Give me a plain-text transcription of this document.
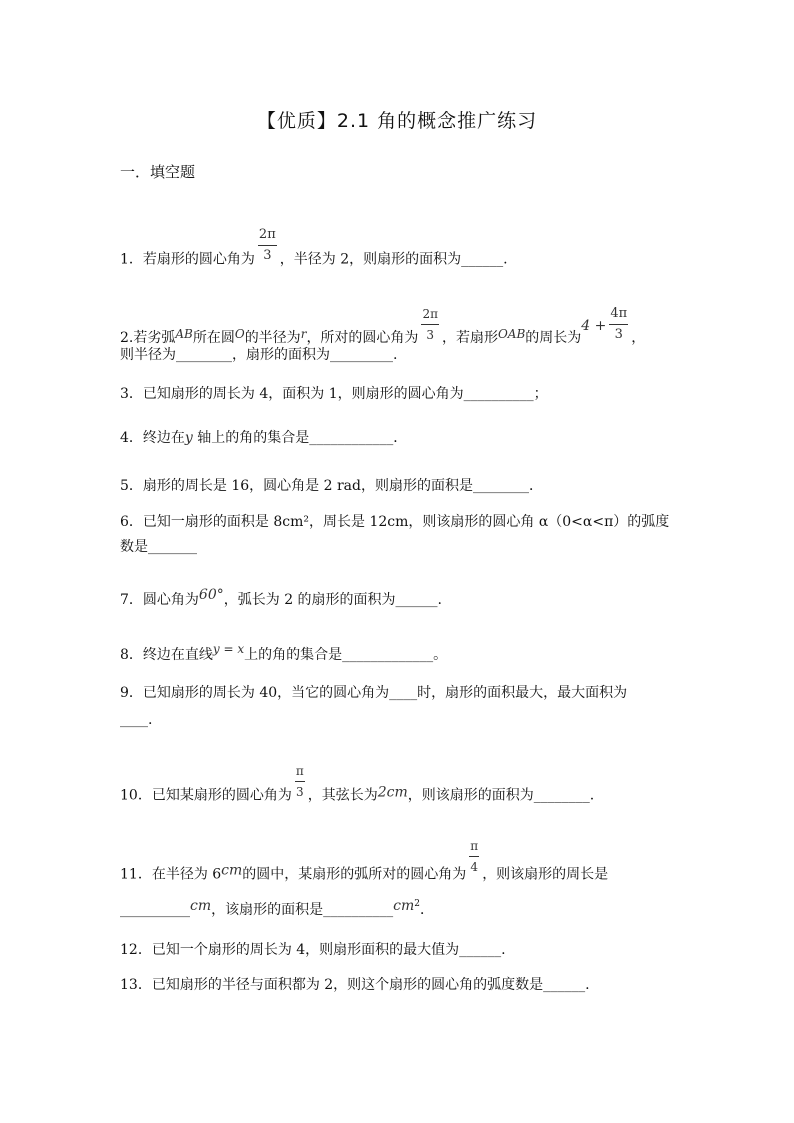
【优质】2.1 角的概念推广练习
一．填空题
1．若扇形的圆心角为 $\frac{2\pi}{3}$ ，半径为 2，则扇形的面积为______.
2.若劣弧AB所在圆O的半径为r，所对的圆心角为 $\frac{2\pi}{3}$ ，若扇形OAB的周长为$4 + \frac{4\pi}{3}$ ，
则半径为________，扇形的面积为_________.
3．已知扇形的周长为 4，面积为 1，则扇形的圆心角为__________；
4．终边在y 轴上的角的集合是____________．
5．扇形的周长是 16，圆心角是 2 rad，则扇形的面积是________．
6．已知一扇形的面积是 8cm²，周长是 12cm，则该扇形的圆心角 α（0<α<π）的弧度
数是_______
7．圆心角为60°，弧长为 2 的扇形的面积为______.
8．终边在直线y = x上的角的集合是_____________。
9．已知扇形的周长为 40，当它的圆心角为____时，扇形的面积最大，最大面积为
____.
10．已知某扇形的圆心角为 $\frac{\pi}{3}$ ，其弦长为2cm，则该扇形的面积为________.
11．在半径为 6cm的圆中，某扇形的弧所对的圆心角为 $\frac{\pi}{4}$ ，则该扇形的周长是
__________cm，该扇形的面积是$\_\_\_\_\_\_\_\_\_\_cm^2$．
12．已知一个扇形的周长为 4，则扇形面积的最大值为______.
13．已知扇形的半径与面积都为 2，则这个扇形的圆心角的弧度数是______.
